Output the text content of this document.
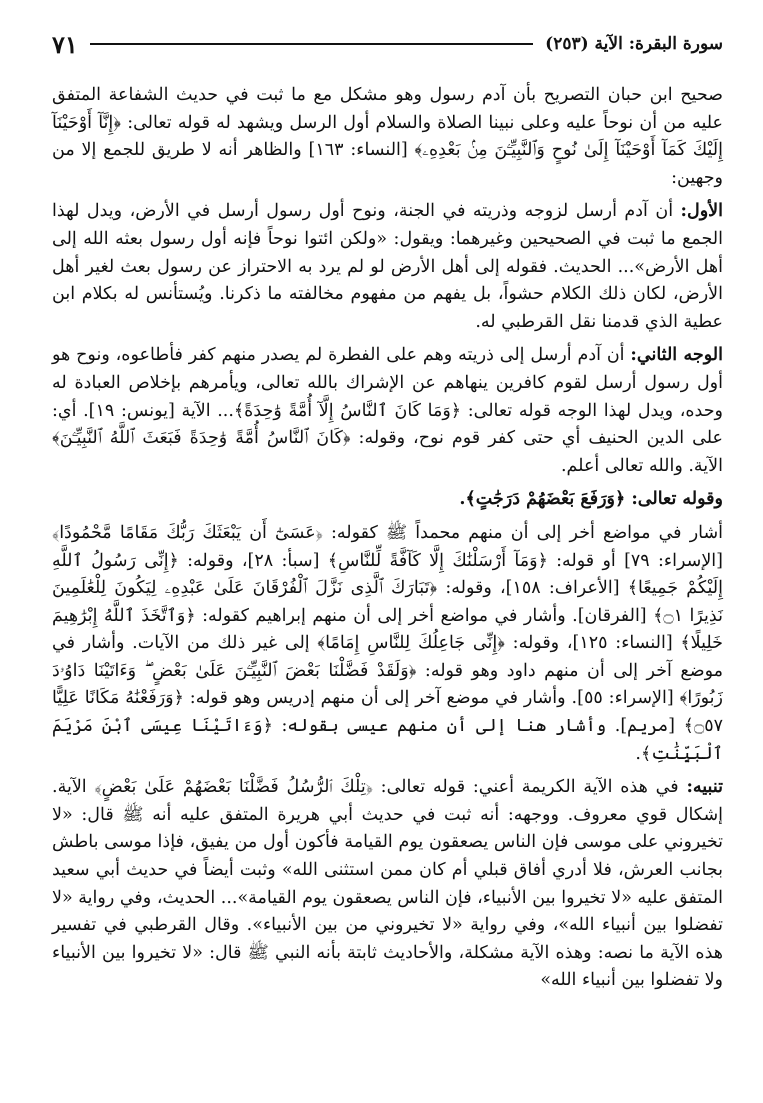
سورة البقرة: الآية (٢٥٣)
٧١

صحيح ابن حبان التصريح بأن آدم رسول وهو مشكل مع ما ثبت في حديث الشفاعة المتفق عليه من أن نوحاً عليه وعلى نبينا الصلاة والسلام أول الرسل ويشهد له قوله تعالى: ﴿إِنَّآ أَوْحَيْنَآ إِلَيْكَ كَمَآ أَوْحَيْنَآ إِلَىٰ نُوحٍ وَٱلنَّبِيِّـۧنَ مِنۢ بَعْدِهِۦ﴾ [النساء: ١٦٣] والظاهر أنه لا طريق للجمع إلا من وجهين:

الأول: أن آدم أرسل لزوجه وذريته في الجنة، ونوح أول رسول أرسل في الأرض، ويدل لهذا الجمع ما ثبت في الصحيحين وغيرهما: ويقول: «ولكن ائتوا نوحاً فإنه أول رسول بعثه الله إلى أهل الأرض»... الحديث. فقوله إلى أهل الأرض لو لم يرد به الاحتراز عن رسول بعث لغير أهل الأرض، لكان ذلك الكلام حشواً، بل يفهم من مفهوم مخالفته ما ذكرنا. ويُستأنس له بكلام ابن عطية الذي قدمنا نقل القرطبي له.

الوجه الثاني: أن آدم أرسل إلى ذريته وهم على الفطرة لم يصدر منهم كفر فأطاعوه، ونوح هو أول رسول أرسل لقوم كافرين ينهاهم عن الإشراك بالله تعالى، ويأمرهم بإخلاص العبادة له وحده، ويدل لهذا الوجه قوله تعالى: ﴿وَمَا كَانَ ٱلنَّاسُ إِلَّآ أُمَّةً وَٰحِدَةً﴾... الآية [يونس: ١٩]. أي: على الدين الحنيف أي حتى كفر قوم نوح، وقوله: ﴿كَانَ ٱلنَّاسُ أُمَّةً وَٰحِدَةً فَبَعَثَ ٱللَّهُ ٱلنَّبِيِّـۧنَ﴾ الآية. والله تعالى أعلم.

وقوله تعالى: ﴿وَرَفَعَ بَعْضَهُمْ دَرَجَٰتٍ﴾.

أشار في مواضع أخر إلى أن منهم محمداً ﷺ كقوله: ﴿عَسَىٰٓ أَن يَبْعَثَكَ رَبُّكَ مَقَامًا مَّحْمُودًا﴾ [الإسراء: ٧٩] أو قوله: ﴿وَمَآ أَرْسَلْنَٰكَ إِلَّا كَآفَّةً لِّلنَّاسِ﴾ [سبأ: ٢٨]، وقوله: ﴿إِنِّى رَسُولُ ٱللَّهِ إِلَيْكُمْ جَمِيعًا﴾ [الأعراف: ١٥٨]، وقوله: ﴿تَبَارَكَ ٱلَّذِى نَزَّلَ ٱلْفُرْقَانَ عَلَىٰ عَبْدِهِۦ لِيَكُونَ لِلْعَٰلَمِينَ نَذِيرًا ۝١﴾ [الفرقان]. وأشار في مواضع أخر إلى أن منهم إبراهيم كقوله: ﴿وَٱتَّخَذَ ٱللَّهُ إِبْرَٰهِيمَ خَلِيلًا﴾ [النساء: ١٢٥]، وقوله: ﴿إِنِّى جَاعِلُكَ لِلنَّاسِ إِمَامًا﴾ إلى غير ذلك من الآيات. وأشار في موضع آخر إلى أن منهم داود وهو قوله: ﴿وَلَقَدْ فَضَّلْنَا بَعْضَ ٱلنَّبِيِّـۧنَ عَلَىٰ بَعْضٍ ۖ وَءَاتَيْنَا دَاوُۥدَ زَبُورًا﴾ [الإسراء: ٥٥]. وأشار في موضع آخر إلى أن منهم إدريس وهو قوله: ﴿وَرَفَعْنَٰهُ مَكَانًا عَلِيًّا ۝٥٧﴾ [مريم]. وأشار هنا إلى أن منهم عيسى بقوله: ﴿وَءَاتَيْنَا عِيسَى ٱبْنَ مَرْيَمَ ٱلْبَيِّنَٰتِ﴾.

تنبيه: في هذه الآية الكريمة أعني: قوله تعالى: ﴿تِلْكَ ٱلرُّسُلُ فَضَّلْنَا بَعْضَهُمْ عَلَىٰ بَعْضٍ﴾ الآية. إشكال قوي معروف. ووجهه: أنه ثبت في حديث أبي هريرة المتفق عليه أنه ﷺ قال: «لا تخيروني على موسى فإن الناس يصعقون يوم القيامة فأكون أول من يفيق، فإذا موسى باطش بجانب العرش، فلا أدري أفاق قبلي أم كان ممن استثنى الله» وثبت أيضاً في حديث أبي سعيد المتفق عليه «لا تخيروا بين الأنبياء، فإن الناس يصعقون يوم القيامة»... الحديث، وفي رواية «لا تفضلوا بين أنبياء الله»، وفي رواية «لا تخيروني من بين الأنبياء». وقال القرطبي في تفسير هذه الآية ما نصه: وهذه الآية مشكلة، والأحاديث ثابتة بأنه النبي ﷺ قال: «لا تخيروا بين الأنبياء ولا تفضلوا بين أنبياء الله»
